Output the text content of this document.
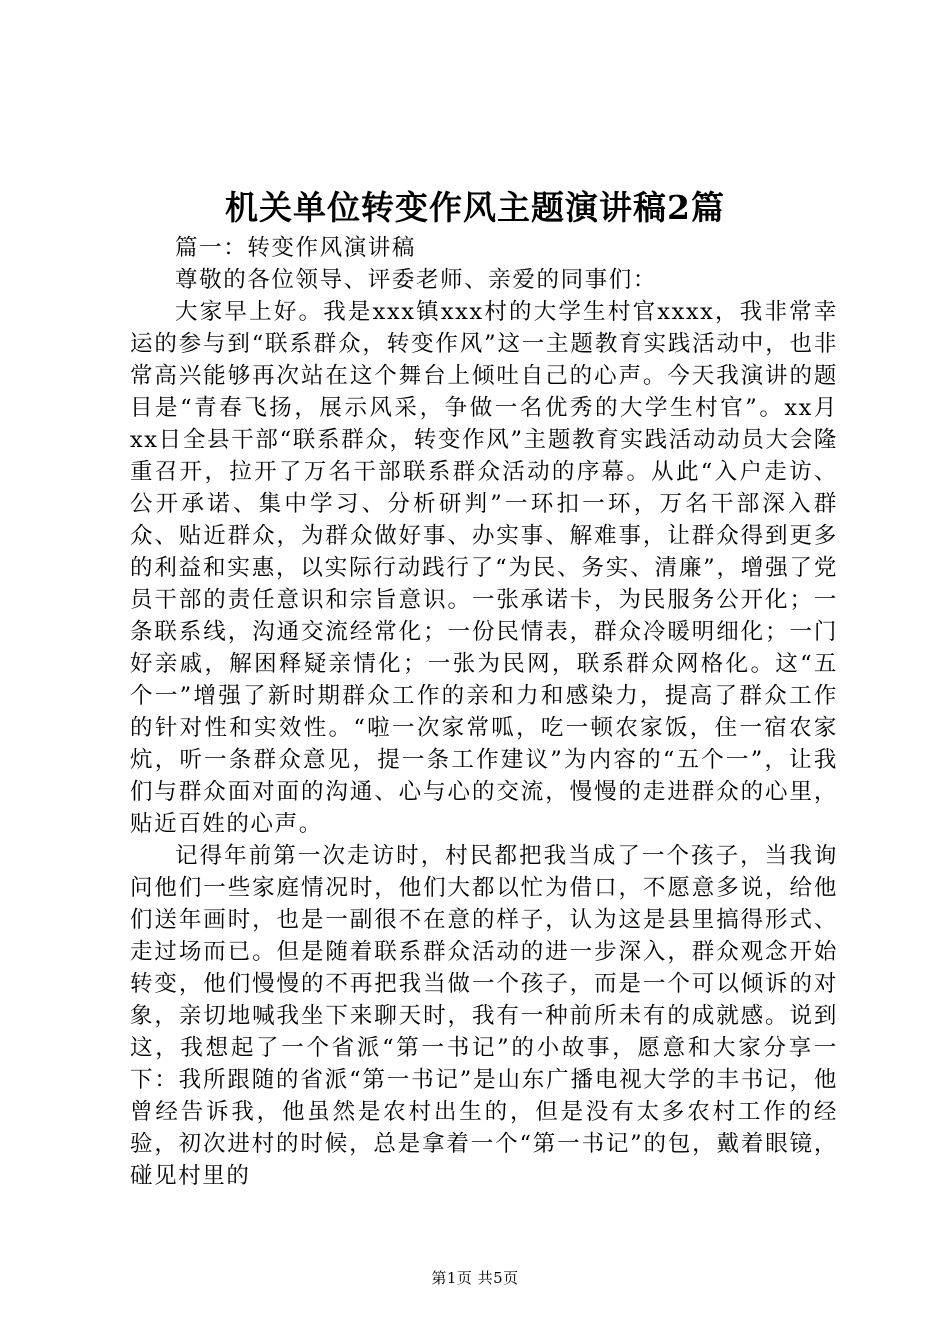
机关单位转变作风主题演讲稿2篇

篇一：转变作风演讲稿

尊敬的各位领导、评委老师、亲爱的同事们：

大家早上好。我是xxx镇xxx村的大学生村官xxxx，我非常幸运的参与到“联系群众，转变作风”这一主题教育实践活动中，也非常高兴能够再次站在这个舞台上倾吐自己的心声。今天我演讲的题目是“青春飞扬，展示风采，争做一名优秀的大学生村官”。xx月xx日全县干部“联系群众，转变作风”主题教育实践活动动员大会隆重召开，拉开了万名干部联系群众活动的序幕。从此“入户走访、公开承诺、集中学习、分析研判”一环扣一环，万名干部深入群众、贴近群众，为群众做好事、办实事、解难事，让群众得到更多的利益和实惠，以实际行动践行了“为民、务实、清廉”，增强了党员干部的责任意识和宗旨意识。一张承诺卡，为民服务公开化；一条联系线，沟通交流经常化；一份民情表，群众冷暖明细化；一门好亲戚，解困释疑亲情化；一张为民网，联系群众网格化。这“五个一”增强了新时期群众工作的亲和力和感染力，提高了群众工作的针对性和实效性。“啦一次家常呱，吃一顿农家饭，住一宿农家炕，听一条群众意见，提一条工作建议”为内容的“五个一”，让我们与群众面对面的沟通、心与心的交流，慢慢的走进群众的心里，贴近百姓的心声。

记得年前第一次走访时，村民都把我当成了一个孩子，当我询问他们一些家庭情况时，他们大都以忙为借口，不愿意多说，给他们送年画时，也是一副很不在意的样子，认为这是县里搞得形式、走过场而已。但是随着联系群众活动的进一步深入，群众观念开始转变，他们慢慢的不再把我当做一个孩子，而是一个可以倾诉的对象，亲切地喊我坐下来聊天时，我有一种前所未有的成就感。说到这，我想起了一个省派“第一书记”的小故事，愿意和大家分享一下：我所跟随的省派“第一书记”是山东广播电视大学的丰书记，他曾经告诉我，他虽然是农村出生的，但是没有太多农村工作的经验，初次进村的时候，总是拿着一个“第一书记”的包，戴着眼镜，碰见村里的

第1页 共5页
